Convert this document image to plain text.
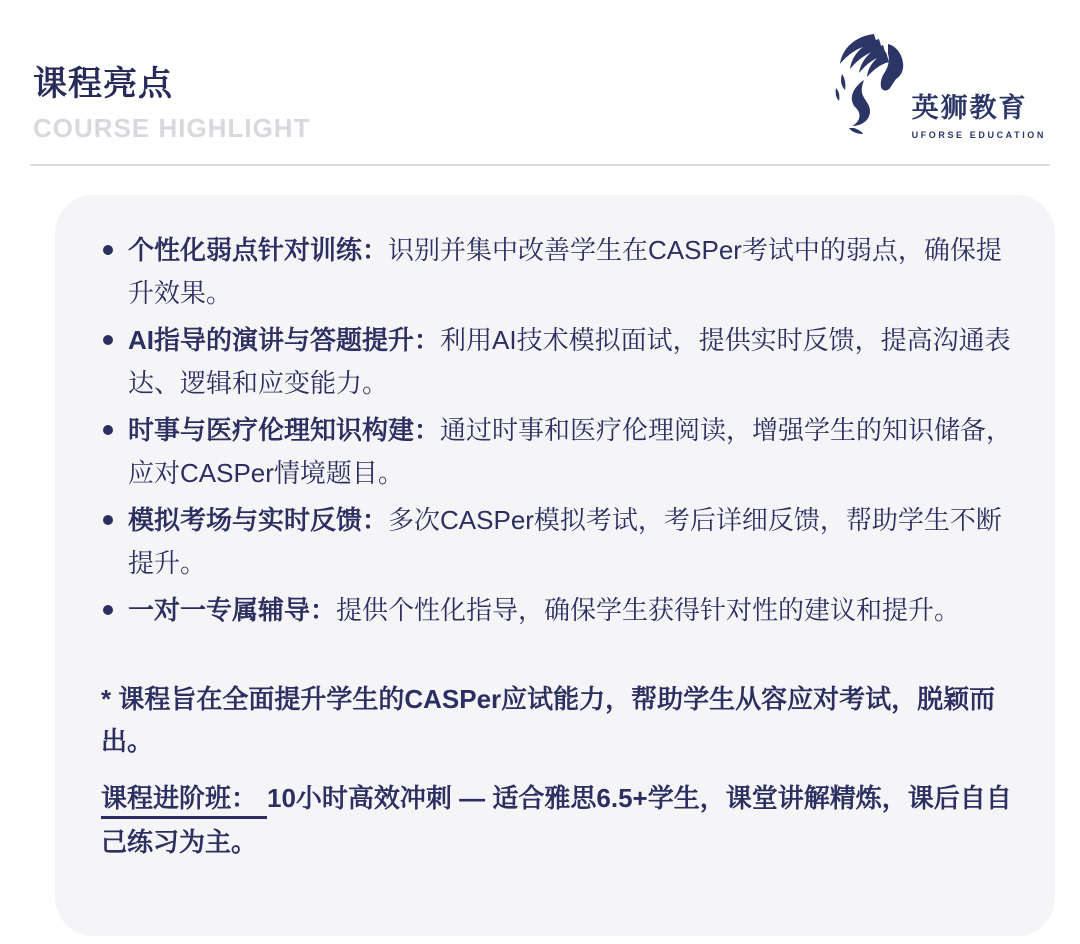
课程亮点
COURSE HIGHLIGHT
英狮教育
UFORSE EDUCATION
个性化弱点针对训练：识别并集中改善学生在CASPer考试中的弱点，确保提升效果。
AI指导的演讲与答题提升：利用AI技术模拟面试，提供实时反馈，提高沟通表达、逻辑和应变能力。
时事与医疗伦理知识构建：通过时事和医疗伦理阅读，增强学生的知识储备，应对CASPer情境题目。
模拟考场与实时反馈：多次CASPer模拟考试，考后详细反馈，帮助学生不断提升。
一对一专属辅导：提供个性化指导，确保学生获得针对性的建议和提升。

* 课程旨在全面提升学生的CASPer应试能力，帮助学生从容应对考试，脱颖而出。

课程进阶班： 10小时高效冲刺 — 适合雅思6.5+学生，课堂讲解精炼，课后自自己练习为主。
